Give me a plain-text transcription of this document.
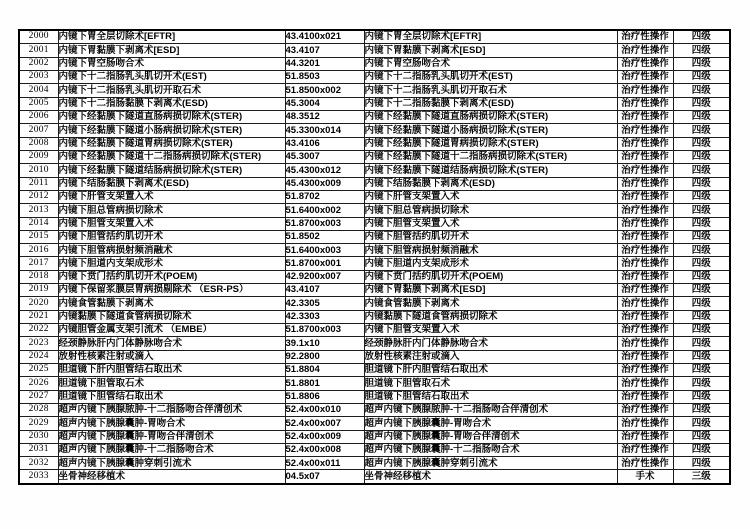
2000	内镜下胃全层切除术[EFTR]	43.4100x021	内镜下胃全层切除术[EFTR]	治疗性操作	四级
2001	内镜下胃黏膜下剥离术[ESD]	43.4107	内镜下胃黏膜下剥离术[ESD]	治疗性操作	四级
2002	内镜下胃空肠吻合术	44.3201	内镜下胃空肠吻合术	治疗性操作	四级
2003	内镜下十二指肠乳头肌切开术(EST)	51.8503	内镜下十二指肠乳头肌切开术(EST)	治疗性操作	四级
2004	内镜下十二指肠乳头肌切开取石术	51.8500x002	内镜下十二指肠乳头肌切开取石术	治疗性操作	四级
2005	内镜下十二指肠黏膜下剥离术(ESD)	45.3004	内镜下十二指肠黏膜下剥离术(ESD)	治疗性操作	四级
2006	内镜下经黏膜下隧道直肠病损切除术(STER)	48.3512	内镜下经黏膜下隧道直肠病损切除术(STER)	治疗性操作	四级
2007	内镜下经黏膜下隧道小肠病损切除术(STER)	45.3300x014	内镜下经黏膜下隧道小肠病损切除术(STER)	治疗性操作	四级
2008	内镜下经黏膜下隧道胃病损切除术(STER)	43.4106	内镜下经黏膜下隧道胃病损切除术(STER)	治疗性操作	四级
2009	内镜下经黏膜下隧道十二指肠病损切除术(STER)	45.3007	内镜下经黏膜下隧道十二指肠病损切除术(STER)	治疗性操作	四级
2010	内镜下经黏膜下隧道结肠病损切除术(STER)	45.4300x012	内镜下经黏膜下隧道结肠病损切除术(STER)	治疗性操作	四级
2011	内镜下结肠黏膜下剥离术(ESD)	45.4300x009	内镜下结肠黏膜下剥离术(ESD)	治疗性操作	四级
2012	内镜下肝管支架置入术	51.8702	内镜下肝管支架置入术	治疗性操作	四级
2013	内镜下胆总管病损切除术	51.6400x002	内镜下胆总管病损切除术	治疗性操作	四级
2014	内镜下胆管支架置入术	51.8700x003	内镜下胆管支架置入术	治疗性操作	四级
2015	内镜下胆管括约肌切开术	51.8502	内镜下胆管括约肌切开术	治疗性操作	四级
2016	内镜下胆管病损射频消融术	51.6400x003	内镜下胆管病损射频消融术	治疗性操作	四级
2017	内镜下胆道内支架成形术	51.8700x001	内镜下胆道内支架成形术	治疗性操作	四级
2018	内镜下贲门括约肌切开术(POEM)	42.9200x007	内镜下贲门括约肌切开术(POEM)	治疗性操作	四级
2019	内镜下保留浆膜层胃病损剔除术 （ESR-PS）	43.4107	内镜下胃黏膜下剥离术[ESD]	治疗性操作	四级
2020	内镜食管黏膜下剥离术	42.3305	内镜食管黏膜下剥离术	治疗性操作	四级
2021	内镜黏膜下隧道食管病损切除术	42.3303	内镜黏膜下隧道食管病损切除术	治疗性操作	四级
2022	内镜胆管金属支架引流术 （EMBE）	51.8700x003	内镜下胆管支架置入术	治疗性操作	四级
2023	经颈静脉肝内门体静脉吻合术	39.1x10	经颈静脉肝内门体静脉吻合术	治疗性操作	四级
2024	放射性核素注射或滴入	92.2800	放射性核素注射或滴入	治疗性操作	四级
2025	胆道镜下肝内胆管结石取出术	51.8804	胆道镜下肝内胆管结石取出术	治疗性操作	四级
2026	胆道镜下胆管取石术	51.8801	胆道镜下胆管取石术	治疗性操作	四级
2027	胆道镜下胆管结石取出术	51.8806	胆道镜下胆管结石取出术	治疗性操作	四级
2028	超声内镜下胰腺脓肿-十二指肠吻合伴清创术	52.4x00x010	超声内镜下胰腺脓肿-十二指肠吻合伴清创术	治疗性操作	四级
2029	超声内镜下胰腺囊肿-胃吻合术	52.4x00x007	超声内镜下胰腺囊肿-胃吻合术	治疗性操作	四级
2030	超声内镜下胰腺囊肿-胃吻合伴清创术	52.4x00x009	超声内镜下胰腺囊肿-胃吻合伴清创术	治疗性操作	四级
2031	超声内镜下胰腺囊肿-十二指肠吻合术	52.4x00x008	超声内镜下胰腺囊肿-十二指肠吻合术	治疗性操作	四级
2032	超声内镜下胰腺囊肿穿刺引流术	52.4x00x011	超声内镜下胰腺囊肿穿刺引流术	治疗性操作	四级
2033	坐骨神经移植术	04.5x07	坐骨神经移植术	手术	三级
